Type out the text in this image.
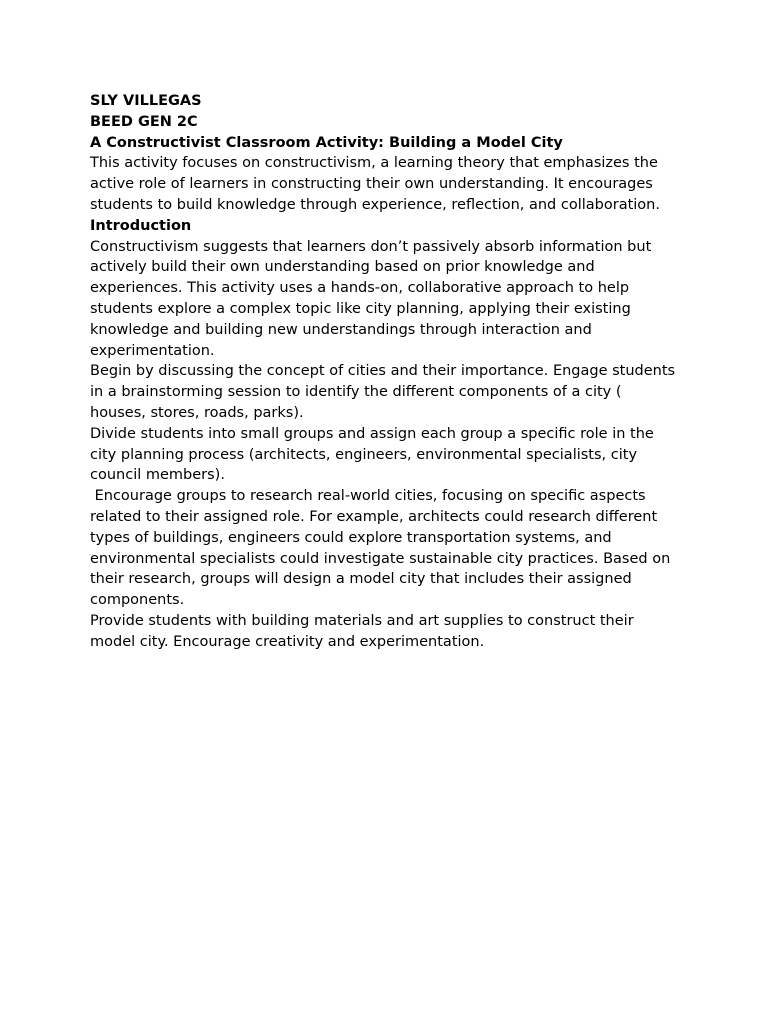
SLY VILLEGAS

BEED GEN 2C

A Constructivist Classroom Activity: Building a Model City

This activity focuses on constructivism, a learning theory that emphasizes the active role of learners in constructing their own understanding. It encourages students to build knowledge through experience, reflection, and collaboration.

Introduction

Constructivism suggests that learners don’t passively absorb information but actively build their own understanding based on prior knowledge and experiences. This activity uses a hands-on, collaborative approach to help students explore a complex topic like city planning, applying their existing knowledge and building new understandings through interaction and experimentation.

Begin by discussing the concept of cities and their importance. Engage students in a brainstorming session to identify the different components of a city ( houses, stores, roads, parks).

Divide students into small groups and assign each group a specific role in the city planning process (architects, engineers, environmental specialists, city council members).

Encourage groups to research real-world cities, focusing on specific aspects related to their assigned role. For example, architects could research different types of buildings, engineers could explore transportation systems, and environmental specialists could investigate sustainable city practices. Based on their research, groups will design a model city that includes their assigned components.

Provide students with building materials and art supplies to construct their model city. Encourage creativity and experimentation.
